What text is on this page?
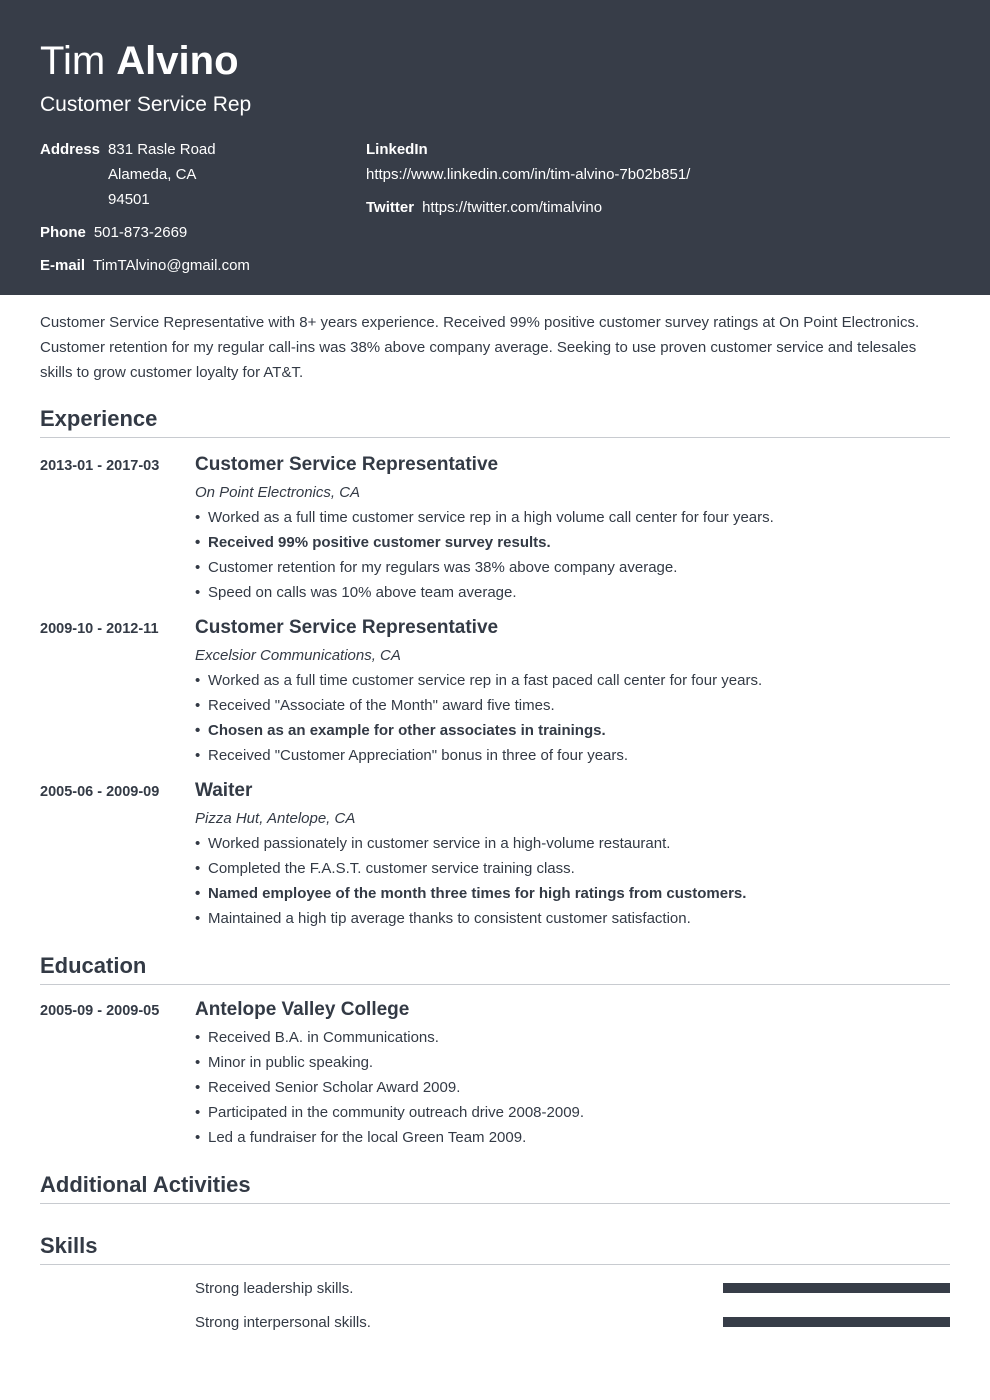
Tim Alvino
Customer Service Rep
Address 831 Rasle Road
Alameda, CA
94501
Phone 501-873-2669
E-mail TimTAlvino@gmail.com
LinkedIn
https://www.linkedin.com/in/tim-alvino-7b02b851/
Twitter https://twitter.com/timalvino

Customer Service Representative with 8+ years experience. Received 99% positive customer survey ratings at On Point Electronics. Customer retention for my regular call-ins was 38% above company average. Seeking to use proven customer service and telesales skills to grow customer loyalty for AT&T.

Experience
2013-01 - 2017-03	Customer Service Representative
On Point Electronics, CA
• Worked as a full time customer service rep in a high volume call center for four years.
• Received 99% positive customer survey results.
• Customer retention for my regulars was 38% above company average.
• Speed on calls was 10% above team average.
2009-10 - 2012-11	Customer Service Representative
Excelsior Communications, CA
• Worked as a full time customer service rep in a fast paced call center for four years.
• Received "Associate of the Month" award five times.
• Chosen as an example for other associates in trainings.
• Received "Customer Appreciation" bonus in three of four years.
2005-06 - 2009-09	Waiter
Pizza Hut, Antelope, CA
• Worked passionately in customer service in a high-volume restaurant.
• Completed the F.A.S.T. customer service training class.
• Named employee of the month three times for high ratings from customers.
• Maintained a high tip average thanks to consistent customer satisfaction.
Education
2005-09 - 2009-05	Antelope Valley College
• Received B.A. in Communications.
• Minor in public speaking.
• Received Senior Scholar Award 2009.
• Participated in the community outreach drive 2008-2009.
• Led a fundraiser for the local Green Team 2009.
Additional Activities
Skills
Strong leadership skills.
Strong interpersonal skills.
